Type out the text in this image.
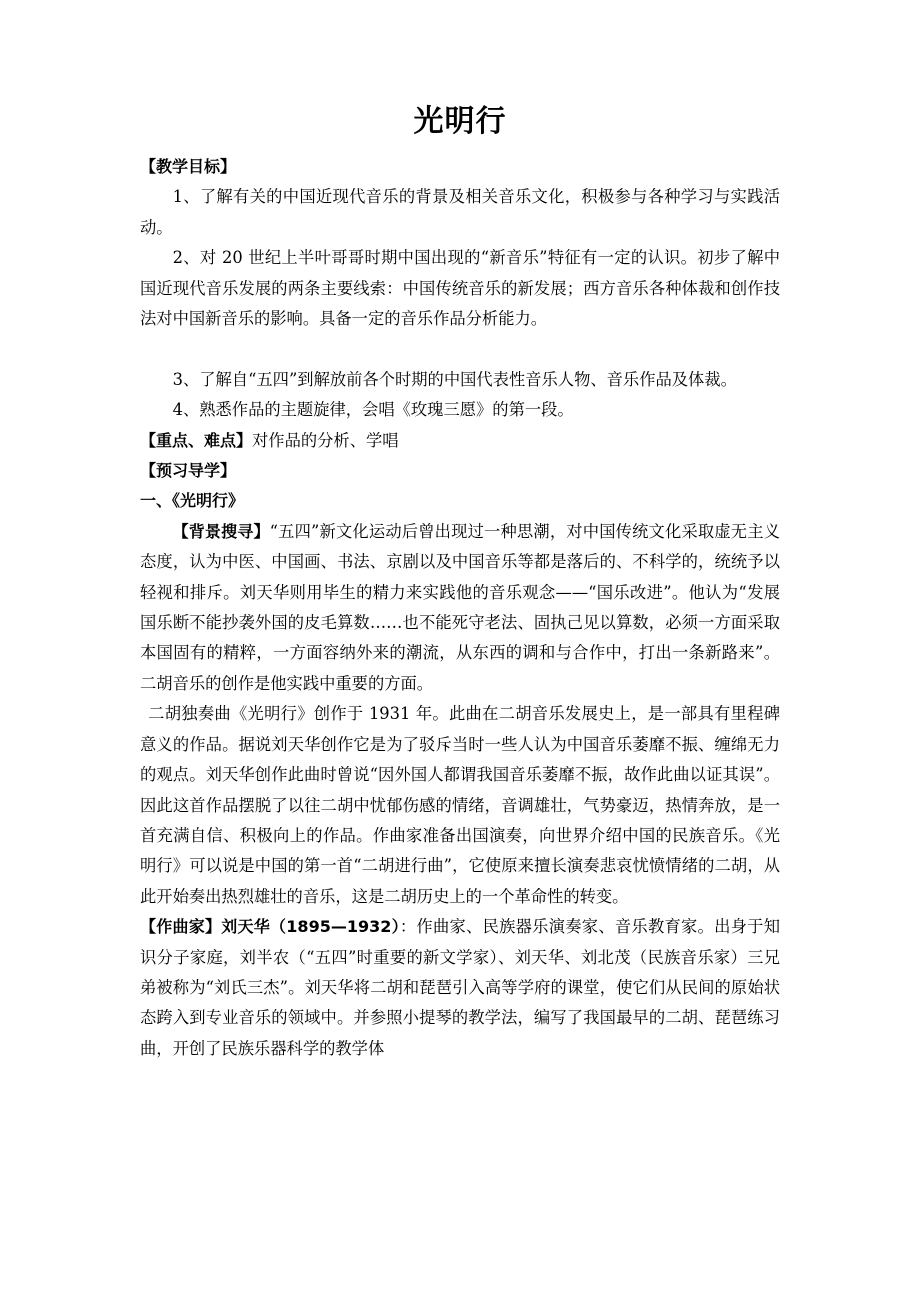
光明行
【教学目标】

1、了解有关的中国近现代音乐的背景及相关音乐文化，积极参与各种学习与实践活动。

2、对 20 世纪上半叶哥哥时期中国出现的“新音乐”特征有一定的认识。初步了解中国近现代音乐发展的两条主要线索：中国传统音乐的新发展；西方音乐各种体裁和创作技法对中国新音乐的影响。具备一定的音乐作品分析能力。

3、了解自“五四”到解放前各个时期的中国代表性音乐人物、音乐作品及体裁。

4、熟悉作品的主题旋律，会唱《玫瑰三愿》的第一段。

【重点、难点】对作品的分析、学唱

【预习导学】
一、《光明行》

【背景搜寻】“五四”新文化运动后曾出现过一种思潮，对中国传统文化采取虚无主义态度，认为中医、中国画、书法、京剧以及中国音乐等都是落后的、不科学的，统统予以轻视和排斥。刘天华则用毕生的精力来实践他的音乐观念——“国乐改进”。他认为“发展国乐断不能抄袭外国的皮毛算数……也不能死守老法、固执己见以算数，必须一方面采取本国固有的精粹，一方面容纳外来的潮流，从东西的调和与合作中，打出一条新路来”。二胡音乐的创作是他实践中重要的方面。

二胡独奏曲《光明行》创作于 1931 年。此曲在二胡音乐发展史上，是一部具有里程碑意义的作品。据说刘天华创作它是为了驳斥当时一些人认为中国音乐萎靡不振、缠绵无力的观点。刘天华创作此曲时曾说“因外国人都谓我国音乐萎靡不振，故作此曲以证其误”。因此这首作品摆脱了以往二胡中忧郁伤感的情绪，音调雄壮，气势豪迈，热情奔放，是一首充满自信、积极向上的作品。作曲家准备出国演奏，向世界介绍中国的民族音乐。《光明行》可以说是中国的第一首“二胡进行曲”，它使原来擅长演奏悲哀忧愤情绪的二胡，从此开始奏出热烈雄壮的音乐，这是二胡历史上的一个革命性的转变。

【作曲家】刘天华（1895—1932）：作曲家、民族器乐演奏家、音乐教育家。出身于知识分子家庭，刘半农（“五四”时重要的新文学家）、刘天华、刘北茂（民族音乐家）三兄弟被称为“刘氏三杰”。刘天华将二胡和琵琶引入高等学府的课堂，使它们从民间的原始状态跨入到专业音乐的领域中。并参照小提琴的教学法，编写了我国最早的二胡、琵琶练习曲，开创了民族乐器科学的教学体
